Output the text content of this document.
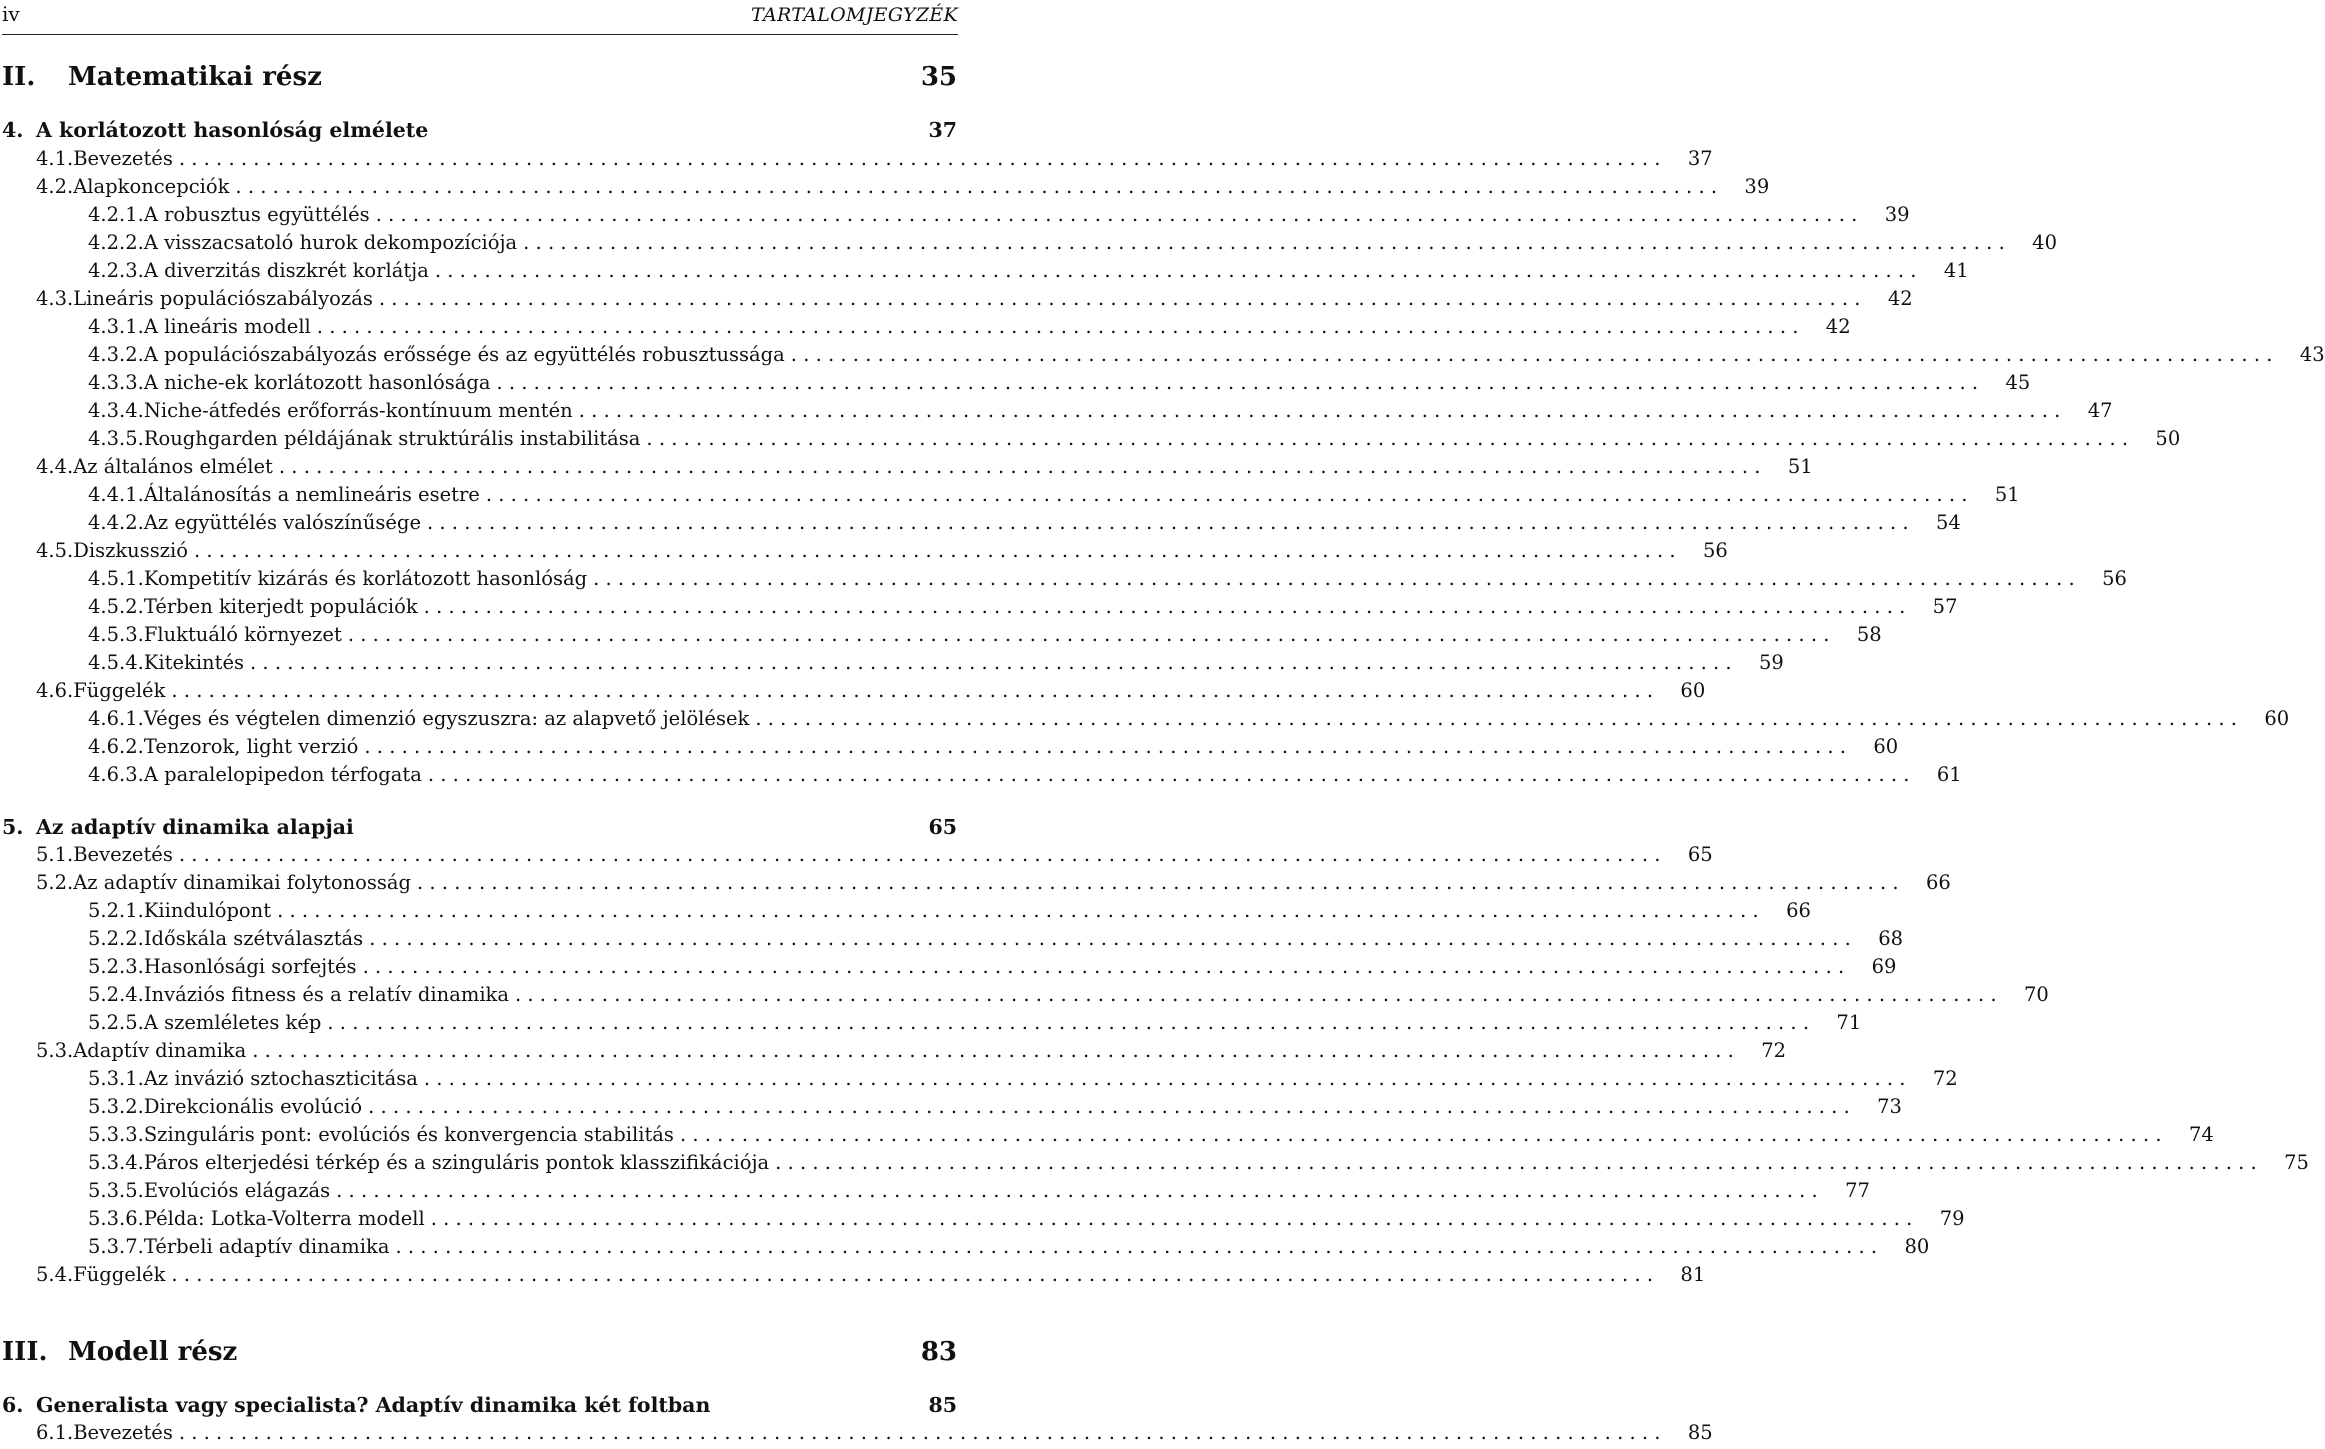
iv	TARTALOMJEGYZÉK
II.	Matematikai rész	35
4. A korlátozott hasonlóság elmélete	37
4.1. Bevezetés ........................................................................................................................	37
4.2. Alapkoncepciók ........................................................................................................................	39
4.2.1. A robusztus együttélés ........................................................................................................................	39
4.2.2. A visszacsatoló hurok dekompozíciója ........................................................................................................................	40
4.2.3. A diverzitás diszkrét korlátja ........................................................................................................................	41
4.3. Lineáris populációszabályozás ........................................................................................................................	42
4.3.1. A lineáris modell ........................................................................................................................	42
4.3.2. A populációszabályozás erőssége és az együttélés robusztussága ........................................................................................................................	43
4.3.3. A niche-ek korlátozott hasonlósága ........................................................................................................................	45
4.3.4. Niche-átfedés erőforrás-kontínuum mentén ........................................................................................................................	47
4.3.5. Roughgarden példájának struktúrális instabilitása ........................................................................................................................	50
4.4. Az általános elmélet ........................................................................................................................	51
4.4.1. Általánosítás a nemlineáris esetre ........................................................................................................................	51
4.4.2. Az együttélés valószínűsége ........................................................................................................................	54
4.5. Diszkusszió ........................................................................................................................	56
4.5.1. Kompetitív kizárás és korlátozott hasonlóság ........................................................................................................................	56
4.5.2. Térben kiterjedt populációk ........................................................................................................................	57
4.5.3. Fluktuáló környezet ........................................................................................................................	58
4.5.4. Kitekintés ........................................................................................................................	59
4.6. Függelék ........................................................................................................................	60
4.6.1. Véges és végtelen dimenzió egyszuszra: az alapvető jelölések ........................................................................................................................	60
4.6.2. Tenzorok, light verzió ........................................................................................................................	60
4.6.3. A paralelopipedon térfogata ........................................................................................................................	61
5. Az adaptív dinamika alapjai	65
5.1. Bevezetés ........................................................................................................................	65
5.2. Az adaptív dinamikai folytonosság ........................................................................................................................	66
5.2.1. Kiindulópont ........................................................................................................................	66
5.2.2. Időskála szétválasztás ........................................................................................................................	68
5.2.3. Hasonlósági sorfejtés ........................................................................................................................	69
5.2.4. Inváziós fitness és a relatív dinamika ........................................................................................................................	70
5.2.5. A szemléletes kép ........................................................................................................................	71
5.3. Adaptív dinamika ........................................................................................................................	72
5.3.1. Az invázió sztochaszticitása ........................................................................................................................	72
5.3.2. Direkcionális evolúció ........................................................................................................................	73
5.3.3. Szinguláris pont: evolúciós és konvergencia stabilitás ........................................................................................................................	74
5.3.4. Páros elterjedési térkép és a szinguláris pontok klasszifikációja ........................................................................................................................	75
5.3.5. Evolúciós elágazás ........................................................................................................................	77
5.3.6. Példa: Lotka-Volterra modell ........................................................................................................................	79
5.3.7. Térbeli adaptív dinamika ........................................................................................................................	80
5.4. Függelék ........................................................................................................................	81
III. Modell rész	83
6. Generalista vagy specialista? Adaptív dinamika két foltban	85
6.1. Bevezetés ........................................................................................................................	85
